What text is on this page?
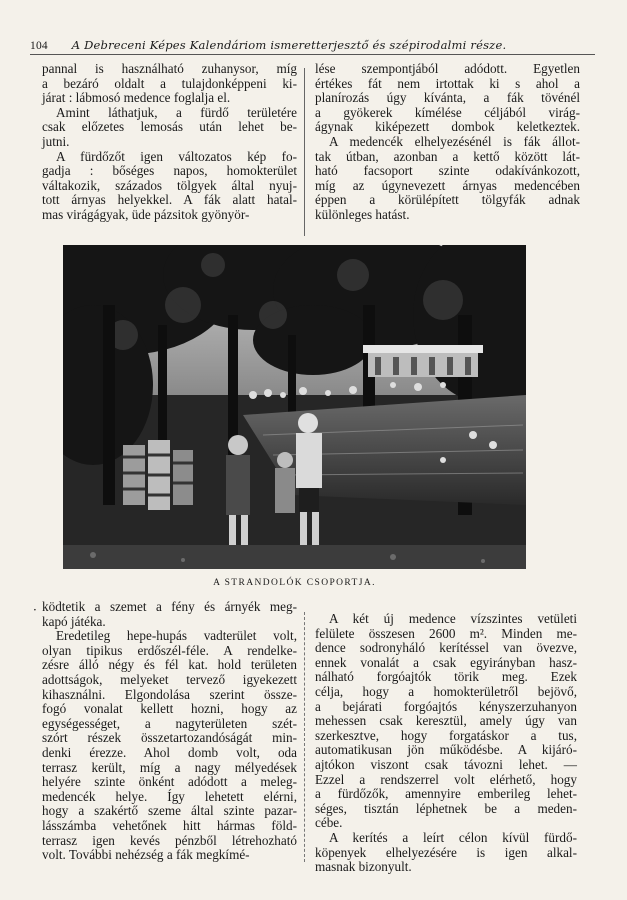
104 A Debreceni Képes Kalendáriom ismeretterjesztő és szépirodalmi része.
pannal is használható zuhanysor, míg
a bezáró oldalt a tulajdonképpeni ki-
járat : lábmosó medence foglalja el.
Amint láthatjuk, a fürdő területére
csak előzetes lemosás után lehet be-
jutni.
A fürdőzőt igen változatos kép fo-
gadja : bőséges napos, homokterület
váltakozik, százados tölgyek által nyuj-
tott árnyas helyekkel. A fák alatt hatal-
mas virágágyak, üde pázsitok gyönyör-
lése szempontjából adódott. Egyetlen
értékes fát nem irtottak ki s ahol a
planírozás úgy kívánta, a fák tövénél
a gyökerek kímélése céljából virág-
ágynak kiképezett dombok keletkeztek.
A medencék elhelyezésénél is fák állot-
tak útban, azonban a kettő között lát-
ható facsoport szinte odakívánkozott,
míg az úgynevezett árnyas medencében
éppen a körülépített tölgyfák adnak
különleges hatást.
A STRANDOLÓK CSOPORTJA.
· ködtetik a szemet a fény és árnyék meg-
kapó játéka.
Eredetileg hepe-hupás vadterület volt,
olyan tipikus erdőszél-féle. A rendelke-
zésre álló négy és fél kat. hold területen
adottságok, melyeket tervező igyekezett
kihasználni. Elgondolása szerint össze-
fogó vonalat kellett hozni, hogy az
egységességet, a nagyterületen szét-
szórt részek összetartozandóságát min-
denki érezze. Ahol domb volt, oda
terrasz került, míg a nagy mélyedések
helyére szinte önként adódott a meleg-
medencék helye. Így lehetett elérni,
hogy a szakértő szeme által szinte pazar-
lásszámba vehetőnek hitt hármas föld-
terrasz igen kevés pénzből létrehozható
volt. További nehézség a fák megkímé-
A két új medence vízszintes vetületi
felülete összesen 2600 m². Minden me-
dence sodronyháló kerítéssel van övezve,
ennek vonalát a csak egyirányban hasz-
nálható forgóajtók törik meg. Ezek
célja, hogy a homokterületről bejövő,
a bejárati forgóajtós kényszerzuhanyon
mehessen csak keresztül, amely úgy van
szerkesztve, hogy forgatáskor a tus,
automatikusan jön működésbe. A kijáró-
ajtókon viszont csak távozni lehet. —
Ezzel a rendszerrel volt elérhető, hogy
a fürdőzők, amennyire emberileg lehet-
séges, tisztán léphetnek be a meden-
cébe.
A kerítés a leírt célon kívül fürdő-
köpenyek elhelyezésére is igen alkal-
masnak bizonyult.
